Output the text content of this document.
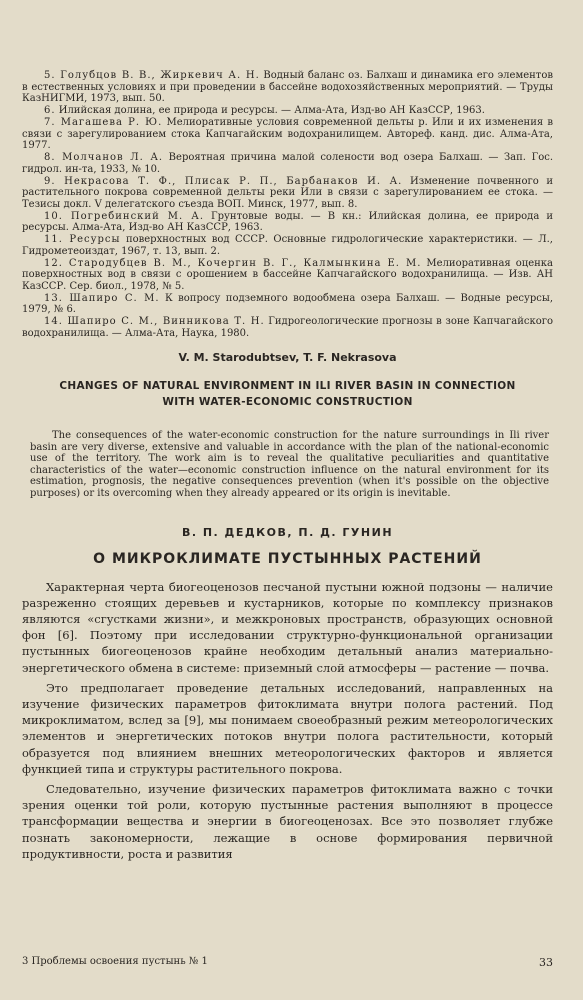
5. Голубцов В. В., Жиркевич А. Н. Водный баланс оз. Балхаш и динамика его элементов в естественных условиях и при проведении в бассейне водохозяйственных мероприятий. — Труды КазНИГМИ, 1973, вып. 50.
6. Илийская долина, ее природа и ресурсы. — Алма-Ата, Изд-во АН КазССР, 1963.
7. Магашева Р. Ю. Мелиоративные условия современной дельты р. Или и их изменения в связи с зарегулированием стока Капчагайским водохранилищем. Автореф. канд. дис. Алма-Ата, 1977.
8. Молчанов Л. А. Вероятная причина малой солености вод озера Балхаш. — Зап. Гос. гидрол. ин-та, 1933, № 10.
9. Некрасова Т. Ф., Плисак Р. П., Барбанаков И. А. Изменение почвенного и растительного покрова современной дельты реки Или в связи с зарегулированием ее стока. — Тезисы докл. V делегатского съезда ВОП. Минск, 1977, вып. 8.
10. Погребинский М. А. Грунтовые воды. — В кн.: Илийская долина, ее природа и ресурсы. Алма-Ата, Изд-во АН КазССР, 1963.
11. Ресурсы поверхностных вод СССР. Основные гидрологические характеристики. — Л., Гидрометеоиздат, 1967, т. 13, вып. 2.
12. Стародубцев В. М., Кочергин В. Г., Калмынкина Е. М. Мелиоративная оценка поверхностных вод в связи с орошением в бассейне Капчагайского водохранилища. — Изв. АН КазССР. Сер. биол., 1978, № 5.
13. Шапиро С. М. К вопросу подземного водообмена озера Балхаш. — Водные ресурсы, 1979, № 6.
14. Шапиро С. М., Винникова Т. Н. Гидрогеологические прогнозы в зоне Капчагайского водохранилища. — Алма-Ата, Наука, 1980.
V. M. Starodubtsev, T. F. Nekrasova
CHANGES OF NATURAL ENVIRONMENT IN ILI RIVER BASIN IN CONNECTION
WITH WATER-ECONOMIC CONSTRUCTION

The consequences of the water-economic construction for the nature surroundings in Ili river basin are very diverse, extensive and valuable in accordance with the plan of the national-economic use of the territory. The work aim is to reveal the qualitative peculiarities and quantitative characteristics of the water—economic construction influence on the natural environment for its estimation, prognosis, the negative consequences prevention (when it's possible on the objective purposes) or its overcoming when they already appeared or its origin is inevitable.

В. П. ДЕДКОВ, П. Д. ГУНИН
О МИКРОКЛИМАТЕ ПУСТЫННЫХ РАСТЕНИЙ

Характерная черта биогеоценозов песчаной пустыни южной подзоны — наличие разреженно стоящих деревьев и кустарников, которые по комплексу признаков являются «сгустками жизни», и межкроновых пространств, образующих основной фон [6]. Поэтому при исследовании структурно-функциональной организации пустынных биогеоценозов крайне необходим детальный анализ материально-энергетического обмена в системе: приземный слой атмосферы — растение — почва.

Это предполагает проведение детальных исследований, направленных на изучение физических параметров фитоклимата внутри полога растений. Под микроклиматом, вслед за [9], мы понимаем своеобразный режим метеорологических элементов и энергетических потоков внутри полога растительности, который образуется под влиянием внешних метеорологических факторов и является функцией типа и структуры растительного покрова.

Следовательно, изучение физических параметров фитоклимата важно с точки зрения оценки той роли, которую пустынные растения выполняют в процессе трансформации вещества и энергии в биогеоценозах. Все это позволяет глубже познать закономерности, лежащие в основе формирования первичной продуктивности, роста и развития

3 Проблемы освоения пустынь № 1	33
